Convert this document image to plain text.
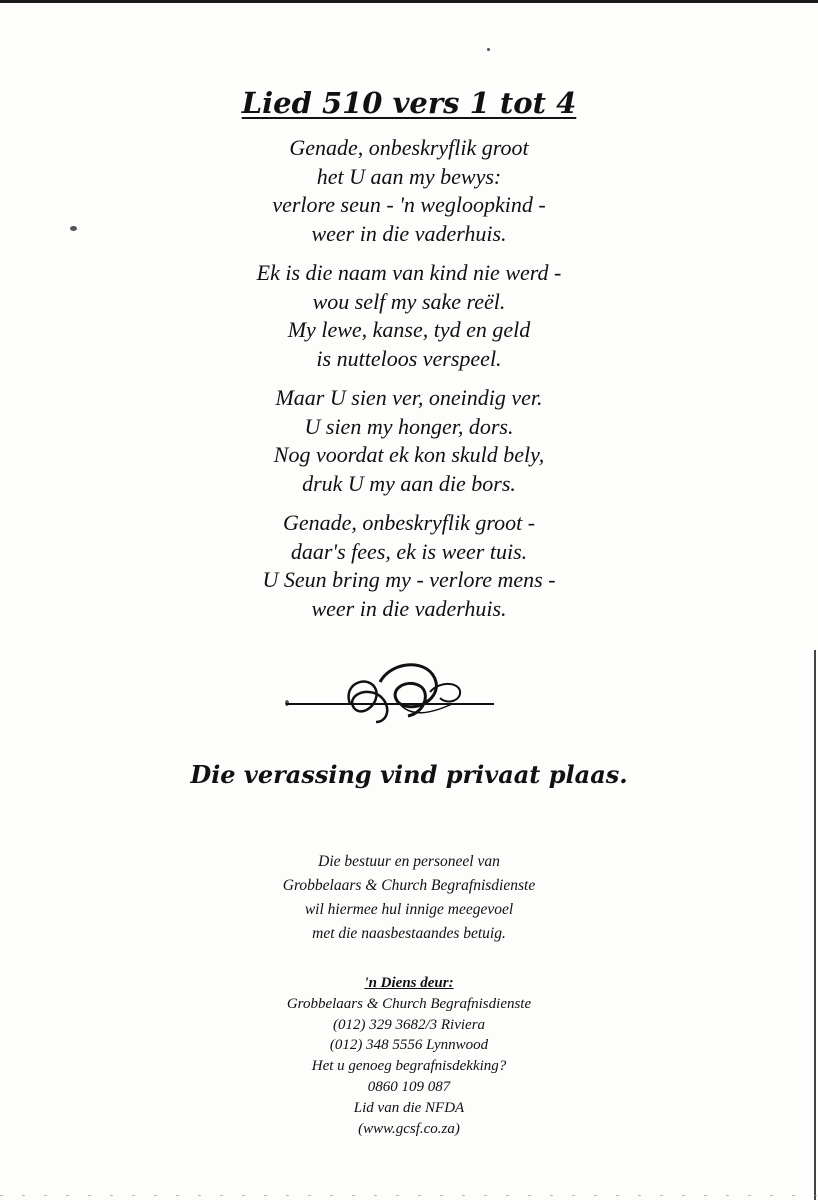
Lied 510 vers 1 tot 4
Genade, onbeskryflik groot
het U aan my bewys:
verlore seun - 'n wegloopkind -
weer in die vaderhuis.
Ek is die naam van kind nie werd -
wou self my sake reël.
My lewe, kanse, tyd en geld
is nutteloos verspeel.
Maar U sien ver, oneindig ver.
U sien my honger, dors.
Nog voordat ek kon skuld bely,
druk U my aan die bors.
Genade, onbeskryflik groot -
daar's fees, ek is weer tuis.
U Seun bring my - verlore mens -
weer in die vaderhuis.
Die verassing vind privaat plaas.
Die bestuur en personeel van
Grobbelaars & Church Begrafnisdienste
wil hiermee hul innige meegevoel
met die naasbestaandes betuig.
'n Diens deur:
Grobbelaars & Church Begrafnisdienste
(012) 329 3682/3 Riviera
(012) 348 5556 Lynnwood
Het u genoeg begrafnisdekking?
0860 109 087
Lid van die NFDA
(www.gcsf.co.za)
